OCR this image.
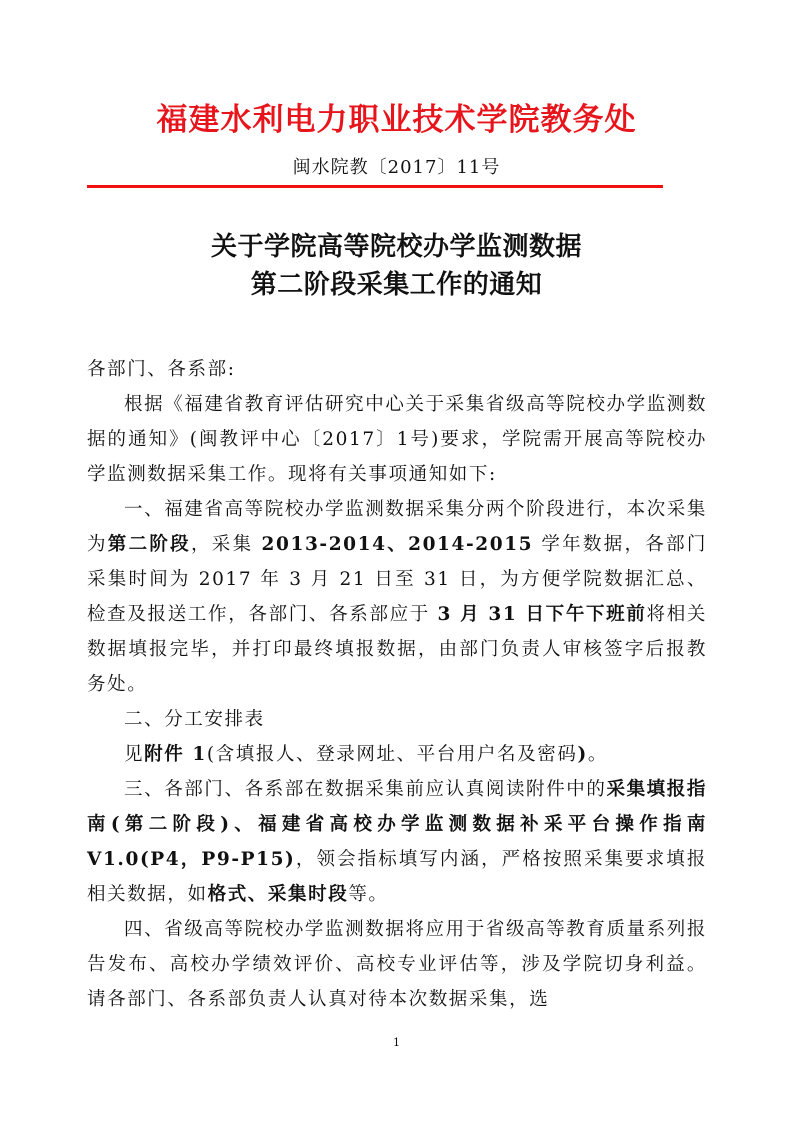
福建水利电力职业技术学院教务处
闽水院教〔2017〕11号
关于学院高等院校办学监测数据
第二阶段采集工作的通知

各部门、各系部:

根据《福建省教育评估研究中心关于采集省级高等院校办学监测数据的通知》(闽教评中心〔2017〕1号)要求，学院需开展高等院校办学监测数据采集工作。现将有关事项通知如下:

一、福建省高等院校办学监测数据采集分两个阶段进行，本次采集为第二阶段，采集 2013-2014、2014-2015 学年数据，各部门采集时间为 2017 年 3 月 21 日至 31 日，为方便学院数据汇总、检查及报送工作，各部门、各系部应于 3 月 31 日下午下班前将相关数据填报完毕，并打印最终填报数据，由部门负责人审核签字后报教务处。

二、分工安排表

见附件 1(含填报人、登录网址、平台用户名及密码)。

三、各部门、各系部在数据采集前应认真阅读附件中的采集填报指南(第二阶段)、福建省高校办学监测数据补采平台操作指南 V1.0(P4，P9-P15)，领会指标填写内涵，严格按照采集要求填报相关数据，如格式、采集时段等。

四、省级高等院校办学监测数据将应用于省级高等教育质量系列报告发布、高校办学绩效评价、高校专业评估等，涉及学院切身利益。请各部门、各系部负责人认真对待本次数据采集，选

1
